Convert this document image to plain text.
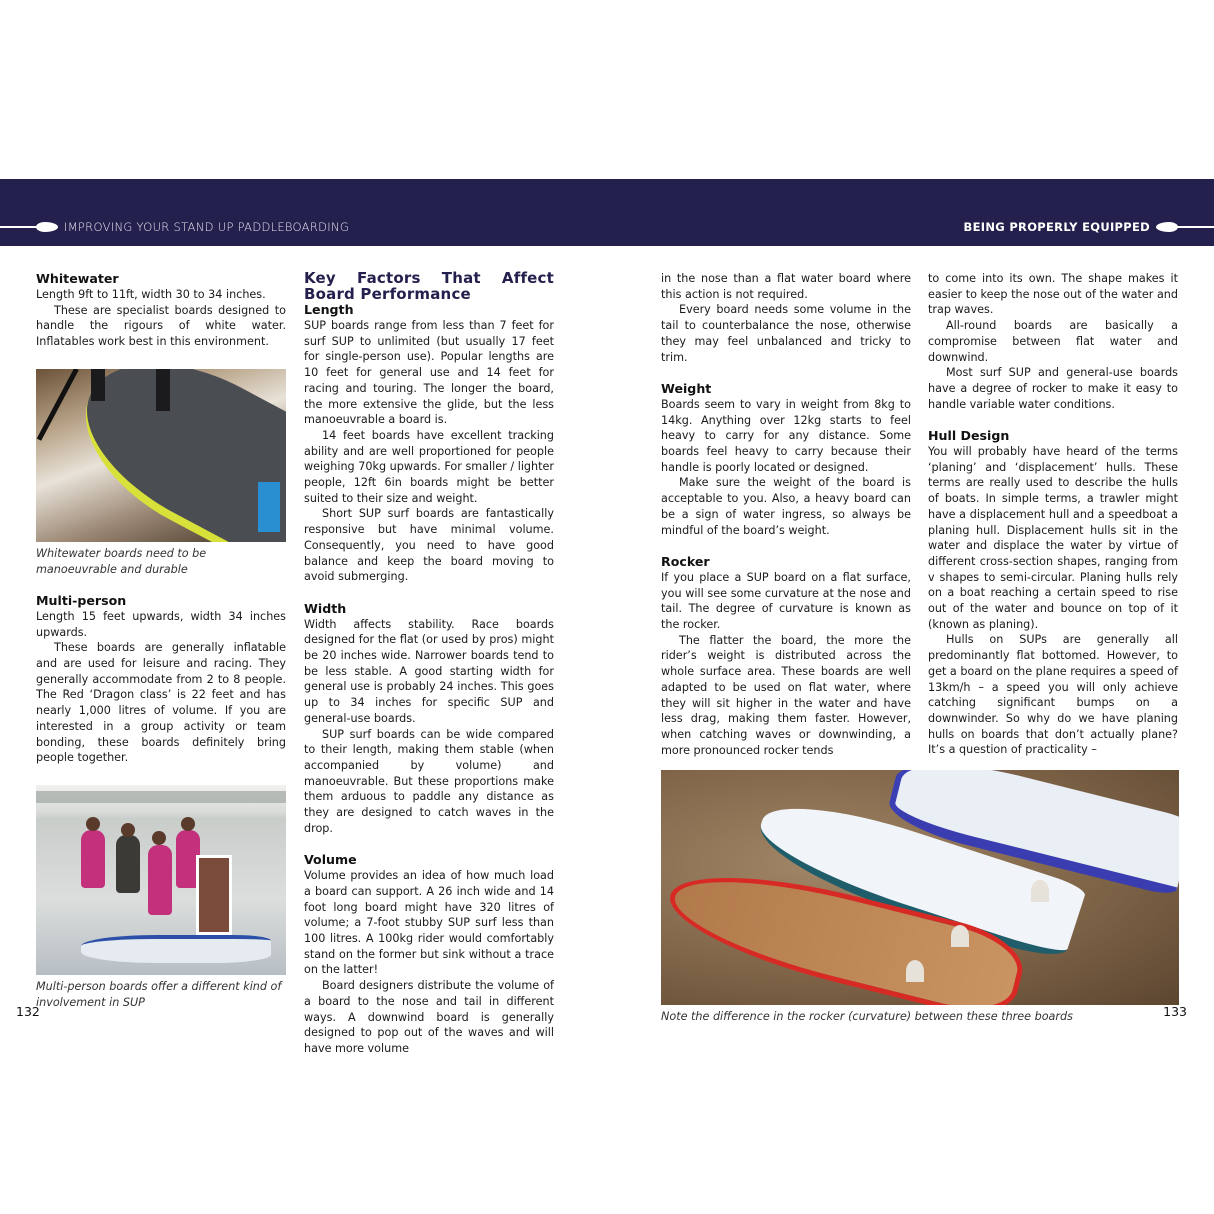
IMPROVING YOUR STAND UP PADDLEBOARDING	BEING PROPERLY EQUIPPED
Whitewater

Length 9ft to 11ft, width 30 to 34 inches.

These are specialist boards designed to handle the rigours of white water. Inflatables work best in this environment.

Whitewater boards need to be manoeuvrable and durable

Multi-person

Length 15 feet upwards, width 34 inches upwards.

These boards are generally inflatable and are used for leisure and racing. They generally accommodate from 2 to 8 people. The Red ‘Dragon class’ is 22 feet and has nearly 1,000 litres of volume. If you are interested in a group activity or team bonding, these boards definitely bring people together.

Multi-person boards offer a different kind of involvement in SUP

Key Factors That Affect Board Performance
Length

SUP boards range from less than 7 feet for surf SUP to unlimited (but usually 17 feet for single-person use). Popular lengths are 10 feet for general use and 14 feet for racing and touring. The longer the board, the more extensive the glide, but the less manoeuvrable a board is.

14 feet boards have excellent tracking ability and are well proportioned for people weighing 70kg upwards. For smaller / lighter people, 12ft 6in boards might be better suited to their size and weight.

Short SUP surf boards are fantastically responsive but have minimal volume. Consequently, you need to have good balance and keep the board moving to avoid submerging.

Width

Width affects stability. Race boards designed for the flat (or used by pros) might be 20 inches wide. Narrower boards tend to be less stable. A good starting width for general use is probably 24 inches. This goes up to 34 inches for specific SUP and general-use boards.

SUP surf boards can be wide compared to their length, making them stable (when accompanied by volume) and manoeuvrable. But these proportions make them arduous to paddle any distance as they are designed to catch waves in the drop.

Volume

Volume provides an idea of how much load a board can support. A 26 inch wide and 14 foot long board might have 320 litres of volume; a 7-foot stubby SUP surf less than 100 litres. A 100kg rider would comfortably stand on the former but sink without a trace on the latter!

Board designers distribute the volume of a board to the nose and tail in different ways. A downwind board is generally designed to pop out of the waves and will have more volume

in the nose than a flat water board where this action is not required.

Every board needs some volume in the tail to counterbalance the nose, otherwise they may feel unbalanced and tricky to trim.

Weight

Boards seem to vary in weight from 8kg to 14kg. Anything over 12kg starts to feel heavy to carry for any distance. Some boards feel heavy to carry because their handle is poorly located or designed.

Make sure the weight of the board is acceptable to you. Also, a heavy board can be a sign of water ingress, so always be mindful of the board’s weight.

Rocker

If you place a SUP board on a flat surface, you will see some curvature at the nose and tail. The degree of curvature is known as the rocker.

The flatter the board, the more the rider’s weight is distributed across the whole surface area. These boards are well adapted to be used on flat water, where they will sit higher in the water and have less drag, making them faster. However, when catching waves or downwinding, a more pronounced rocker tends

Note the difference in the rocker (curvature) between these three boards

to come into its own. The shape makes it easier to keep the nose out of the water and trap waves.

All-round boards are basically a compromise between flat water and downwind.

Most surf SUP and general-use boards have a degree of rocker to make it easy to handle variable water conditions.

Hull Design

You will probably have heard of the terms ‘planing’ and ‘displacement’ hulls. These terms are really used to describe the hulls of boats. In simple terms, a trawler might have a displacement hull and a speedboat a planing hull. Displacement hulls sit in the water and displace the water by virtue of different cross-section shapes, ranging from v shapes to semi-circular. Planing hulls rely on a boat reaching a certain speed to rise out of the water and bounce on top of it (known as planing).

Hulls on SUPs are generally all predominantly flat bottomed. However, to get a board on the plane requires a speed of 13km/h – a speed you will only achieve catching significant bumps on a downwinder. So why do we have planing hulls on boards that don’t actually plane? It’s a question of practicality –

132	133
